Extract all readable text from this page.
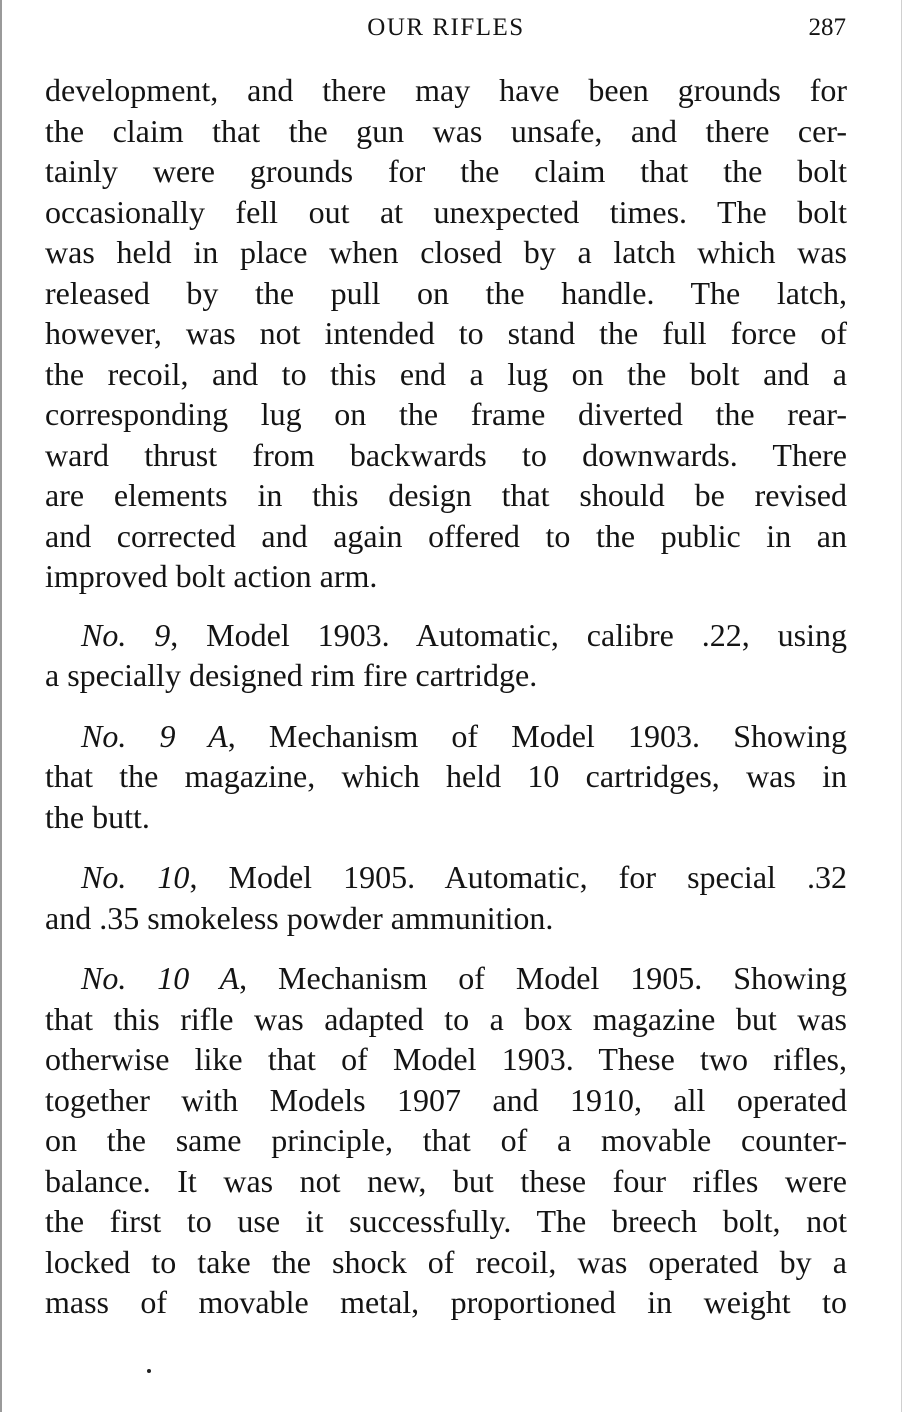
OUR RIFLES	287
development, and there may have been grounds for
the claim that the gun was unsafe, and there cer-
tainly were grounds for the claim that the bolt
occasionally fell out at unexpected times. The bolt
was held in place when closed by a latch which was
released by the pull on the handle. The latch,
however, was not intended to stand the full force of
the recoil, and to this end a lug on the bolt and a
corresponding lug on the frame diverted the rear-
ward thrust from backwards to downwards. There
are elements in this design that should be revised
and corrected and again offered to the public in an
improved bolt action arm.
No. 9, Model 1903. Automatic, calibre .22, using
a specially designed rim fire cartridge.
No. 9 A, Mechanism of Model 1903. Showing
that the magazine, which held 10 cartridges, was in
the butt.
No. 10, Model 1905. Automatic, for special .32
and .35 smokeless powder ammunition.
No. 10 A, Mechanism of Model 1905. Showing
that this rifle was adapted to a box magazine but was
otherwise like that of Model 1903. These two rifles,
together with Models 1907 and 1910, all operated
on the same principle, that of a movable counter-
balance. It was not new, but these four rifles were
the first to use it successfully. The breech bolt, not
locked to take the shock of recoil, was operated by a
mass of movable metal, proportioned in weight to
